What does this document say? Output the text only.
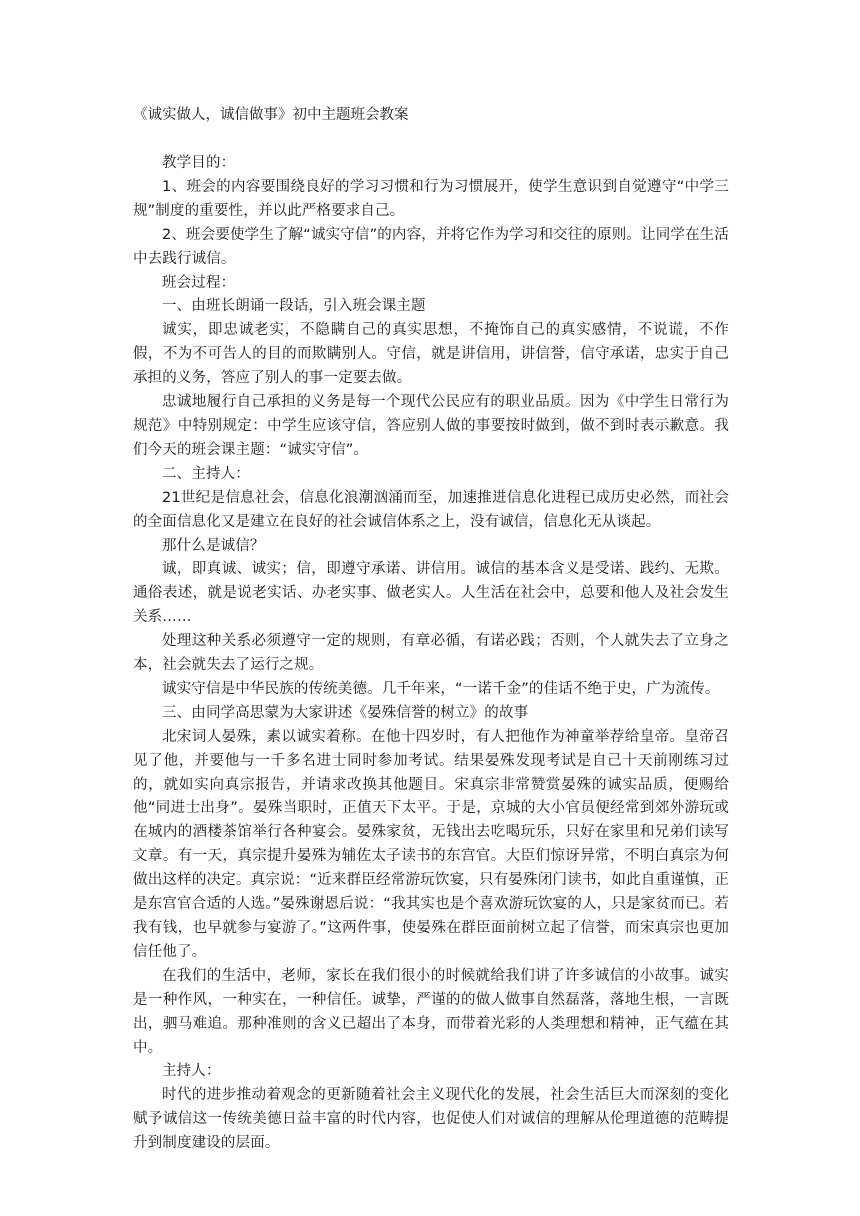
《诚实做人，诚信做事》初中主题班会教案

教学目的：

1、班会的内容要围绕良好的学习习惯和行为习惯展开，使学生意识到自觉遵守“中学三规”制度的重要性，并以此严格要求自己。

2、班会要使学生了解“诚实守信”的内容，并将它作为学习和交往的原则。让同学在生活中去践行诚信。

班会过程：

一、由班长朗诵一段话，引入班会课主题

诚实，即忠诚老实，不隐瞒自己的真实思想，不掩饰自己的真实感情，不说谎，不作假，不为不可告人的目的而欺瞒别人。守信，就是讲信用，讲信誉，信守承诺，忠实于自己承担的义务，答应了别人的事一定要去做。

忠诚地履行自己承担的义务是每一个现代公民应有的职业品质。因为《中学生日常行为规范》中特别规定：中学生应该守信，答应别人做的事要按时做到，做不到时表示歉意。我们今天的班会课主题：“诚实守信”。

二、主持人：

21世纪是信息社会，信息化浪潮汹涌而至，加速推进信息化进程已成历史必然，而社会的全面信息化又是建立在良好的社会诚信体系之上，没有诚信，信息化无从谈起。

那什么是诚信？

诚，即真诚、诚实；信，即遵守承诺、讲信用。诚信的基本含义是受诺、践约、无欺。通俗表述，就是说老实话、办老实事、做老实人。人生活在社会中，总要和他人及社会发生关系……

处理这种关系必须遵守一定的规则，有章必循，有诺必践；否则，个人就失去了立身之本，社会就失去了运行之规。

诚实守信是中华民族的传统美德。几千年来，“一诺千金”的佳话不绝于史，广为流传。

三、由同学高思蒙为大家讲述《晏殊信誉的树立》的故事

北宋词人晏殊，素以诚实着称。在他十四岁时，有人把他作为神童举荐给皇帝。皇帝召见了他，并要他与一千多名进士同时参加考试。结果晏殊发现考试是自己十天前刚练习过的，就如实向真宗报告，并请求改换其他题目。宋真宗非常赞赏晏殊的诚实品质，便赐给他“同进士出身”。晏殊当职时，正值天下太平。于是，京城的大小官员便经常到郊外游玩或在城内的酒楼茶馆举行各种宴会。晏殊家贫，无钱出去吃喝玩乐，只好在家里和兄弟们读写文章。有一天，真宗提升晏殊为辅佐太子读书的东宫官。大臣们惊讶异常，不明白真宗为何做出这样的决定。真宗说：“近来群臣经常游玩饮宴，只有晏殊闭门读书，如此自重谨慎，正是东宫官合适的人选。”晏殊谢恩后说：“我其实也是个喜欢游玩饮宴的人，只是家贫而已。若我有钱，也早就参与宴游了。”这两件事，使晏殊在群臣面前树立起了信誉，而宋真宗也更加信任他了。

在我们的生活中，老师，家长在我们很小的时候就给我们讲了许多诚信的小故事。诚实是一种作风，一种实在，一种信任。诚挚，严谨的的做人做事自然磊落，落地生根，一言既出，驷马难追。那种准则的含义已超出了本身，而带着光彩的人类理想和精神，正气蕴在其中。

主持人：

时代的进步推动着观念的更新随着社会主义现代化的发展，社会生活巨大而深刻的变化赋予诚信这一传统美德日益丰富的时代内容，也促使人们对诚信的理解从伦理道德的范畴提升到制度建设的层面。
